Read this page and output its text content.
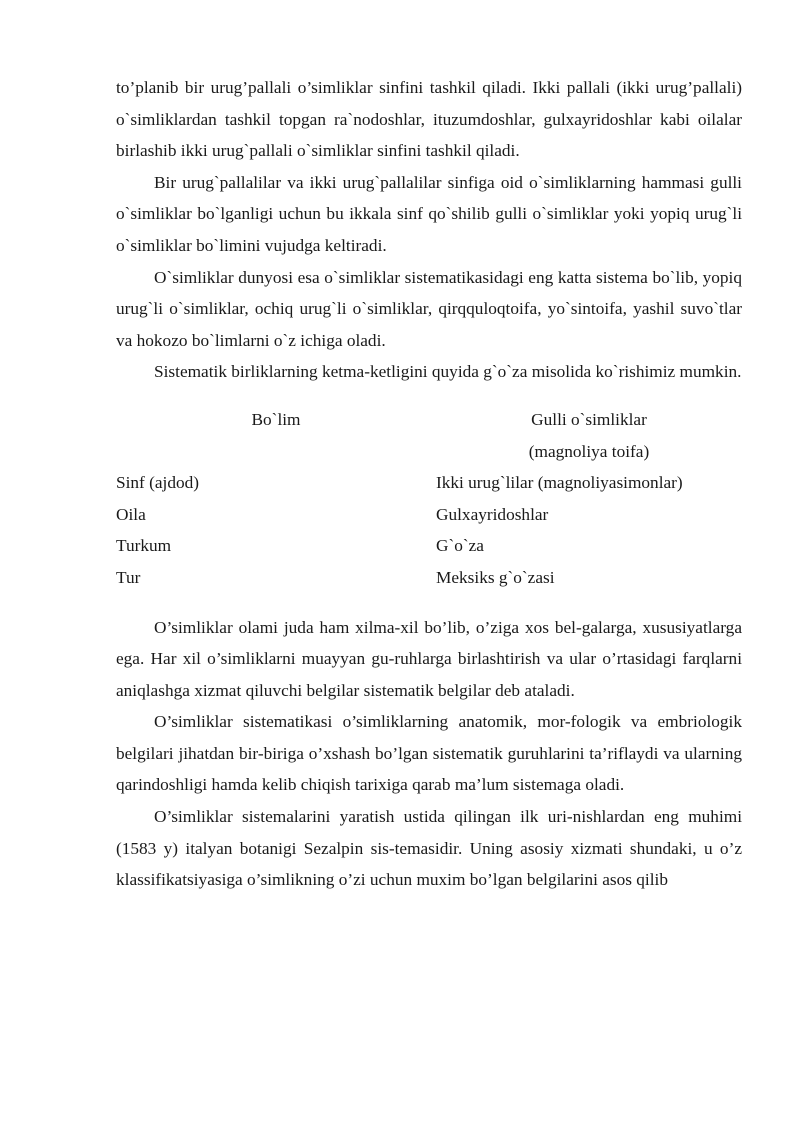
to’planib bir urug’pallali o’simliklar sinfini tashkil qiladi. Ikki pallali (ikki urug’pallali) o`simliklardan tashkil topgan ra`nodoshlar, ituzumdoshlar, gulxayridoshlar kabi oilalar birlashib ikki urug`pallali o`simliklar sinfini tashkil qiladi.

Bir urug`pallalilar va ikki urug`pallalilar sinfiga oid o`simliklarning hammasi gulli o`simliklar bo`lganligi uchun bu ikkala sinf qo`shilib gulli o`simliklar yoki yopiq urug`li o`simliklar bo`limini vujudga keltiradi.

O`simliklar dunyosi esa o`simliklar sistematikasidagi eng katta sistema bo`lib, yopiq urug`li o`simliklar, ochiq urug`li o`simliklar, qirqquloqtoifa, yo`sintoifa, yashil suvo`tlar va hokozo bo`limlarni o`z ichiga oladi.

Sistematik birliklarning ketma-ketligini quyida g`o`za misolida ko`rishimiz mumkin.

Bo`lim	Gulli o`simliklar
(magnoliya toifa)
Sinf (ajdod)	Ikki urug`lilar (magnoliyasimonlar)
Oila	Gulxayridoshlar
Turkum	G`o`za
Tur	Meksiks g`o`zasi

O’simliklar olami juda ham xilma-xil bo’lib, o’ziga xos bel-galarga, xususiyatlarga ega. Har xil o’simliklarni muayyan gu-ruhlarga birlashtirish va ular o’rtasidagi farqlarni aniqlashga xizmat qiluvchi belgilar sistematik belgilar deb ataladi.

O’simliklar sistematikasi o’simliklarning anatomik, mor-fologik va embriologik belgilari jihatdan bir-biriga o’xshash bo’lgan sistematik guruhlarini ta’riflaydi va ularning qarindoshligi hamda kelib chiqish tarixiga qarab ma’lum sistemaga oladi.

O’simliklar sistemalarini yaratish ustida qilingan ilk uri-nishlardan eng muhimi (1583 y) italyan botanigi Sezalpin sis-temasidir. Uning asosiy xizmati shundaki, u o’z klassifikatsiyasiga o’simlikning o’zi uchun muxim bo’lgan belgilarini asos qilib
